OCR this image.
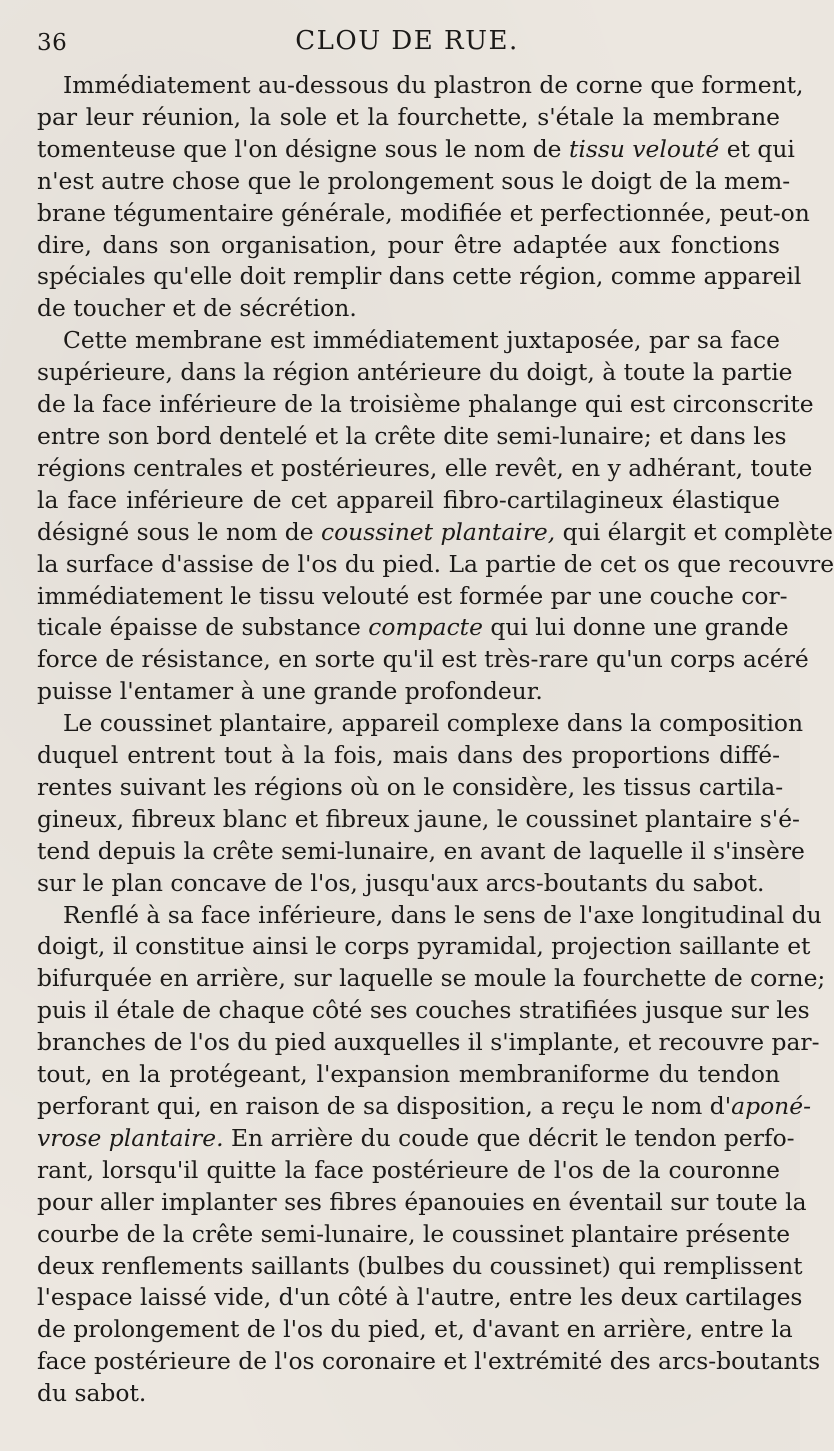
36	CLOU DE RUE.
Immédiatement au-dessous du plastron de corne que forment,
par leur réunion, la sole et la fourchette, s'étale la membrane
tomenteuse que l'on désigne sous le nom de tissu velouté et qui
n'est autre chose que le prolongement sous le doigt de la mem-
brane tégumentaire générale, modifiée et perfectionnée, peut-on
dire, dans son organisation, pour être adaptée aux fonctions
spéciales qu'elle doit remplir dans cette région, comme appareil
de toucher et de sécrétion.
Cette membrane est immédiatement juxtaposée, par sa face
supérieure, dans la région antérieure du doigt, à toute la partie
de la face inférieure de la troisième phalange qui est circonscrite
entre son bord dentelé et la crête dite semi-lunaire; et dans les
régions centrales et postérieures, elle revêt, en y adhérant, toute
la face inférieure de cet appareil fibro-cartilagineux élastique
désigné sous le nom de coussinet plantaire, qui élargit et complète
la surface d'assise de l'os du pied. La partie de cet os que recouvre
immédiatement le tissu velouté est formée par une couche cor-
ticale épaisse de substance compacte qui lui donne une grande
force de résistance, en sorte qu'il est très-rare qu'un corps acéré
puisse l'entamer à une grande profondeur.
Le coussinet plantaire, appareil complexe dans la composition
duquel entrent tout à la fois, mais dans des proportions diffé-
rentes suivant les régions où on le considère, les tissus cartila-
gineux, fibreux blanc et fibreux jaune, le coussinet plantaire s'é-
tend depuis la crête semi-lunaire, en avant de laquelle il s'insère
sur le plan concave de l'os, jusqu'aux arcs-boutants du sabot.
Renflé à sa face inférieure, dans le sens de l'axe longitudinal du
doigt, il constitue ainsi le corps pyramidal, projection saillante et
bifurquée en arrière, sur laquelle se moule la fourchette de corne;
puis il étale de chaque côté ses couches stratifiées jusque sur les
branches de l'os du pied auxquelles il s'implante, et recouvre par-
tout, en la protégeant, l'expansion membraniforme du tendon
perforant qui, en raison de sa disposition, a reçu le nom d'aponé-
vrose plantaire. En arrière du coude que décrit le tendon perfo-
rant, lorsqu'il quitte la face postérieure de l'os de la couronne
pour aller implanter ses fibres épanouies en éventail sur toute la
courbe de la crête semi-lunaire, le coussinet plantaire présente
deux renflements saillants (bulbes du coussinet) qui remplissent
l'espace laissé vide, d'un côté à l'autre, entre les deux cartilages
de prolongement de l'os du pied, et, d'avant en arrière, entre la
face postérieure de l'os coronaire et l'extrémité des arcs-boutants
du sabot.
